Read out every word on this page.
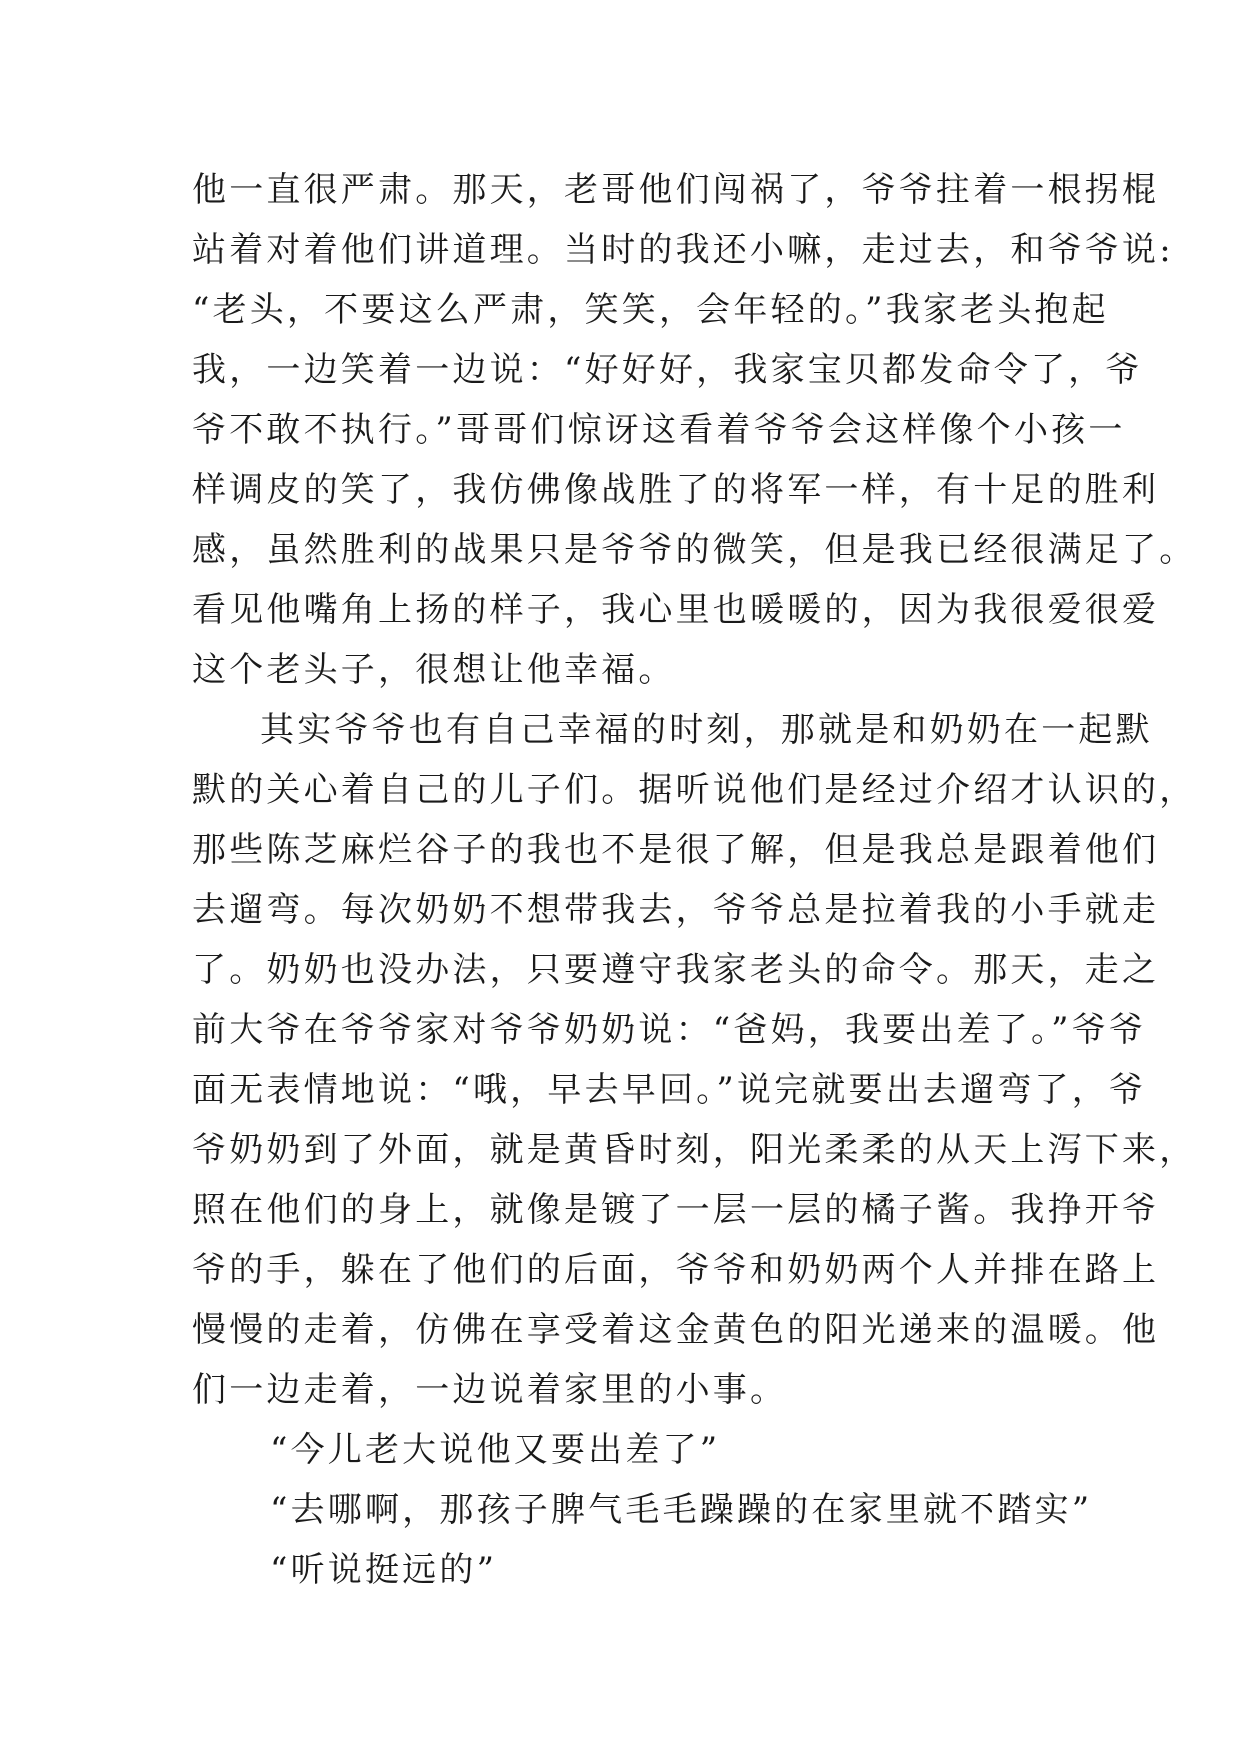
他一直很严肃。那天，老哥他们闯祸了，爷爷拄着一根拐棍
站着对着他们讲道理。当时的我还小嘛，走过去，和爷爷说:
“老头，不要这么严肃，笑笑，会年轻的。”我家老头抱起
我，一边笑着一边说：“好好好，我家宝贝都发命令了，爷
爷不敢不执行。”哥哥们惊讶这看着爷爷会这样像个小孩一
样调皮的笑了，我仿佛像战胜了的将军一样，有十足的胜利
感，虽然胜利的战果只是爷爷的微笑，但是我已经很满足了。
看见他嘴角上扬的样子，我心里也暖暖的，因为我很爱很爱
这个老头子，很想让他幸福。
其实爷爷也有自己幸福的时刻，那就是和奶奶在一起默
默的关心着自己的儿子们。据听说他们是经过介绍才认识的，
那些陈芝麻烂谷子的我也不是很了解，但是我总是跟着他们
去遛弯。每次奶奶不想带我去，爷爷总是拉着我的小手就走
了。奶奶也没办法，只要遵守我家老头的命令。那天，走之
前大爷在爷爷家对爷爷奶奶说：“爸妈，我要出差了。”爷爷
面无表情地说：“哦，早去早回。”说完就要出去遛弯了，爷
爷奶奶到了外面，就是黄昏时刻，阳光柔柔的从天上泻下来，
照在他们的身上，就像是镀了一层一层的橘子酱。我挣开爷
爷的手，躲在了他们的后面，爷爷和奶奶两个人并排在路上
慢慢的走着，仿佛在享受着这金黄色的阳光递来的温暖。他
们一边走着，一边说着家里的小事。
“今儿老大说他又要出差了”
“去哪啊，那孩子脾气毛毛躁躁的在家里就不踏实”
“听说挺远的”
